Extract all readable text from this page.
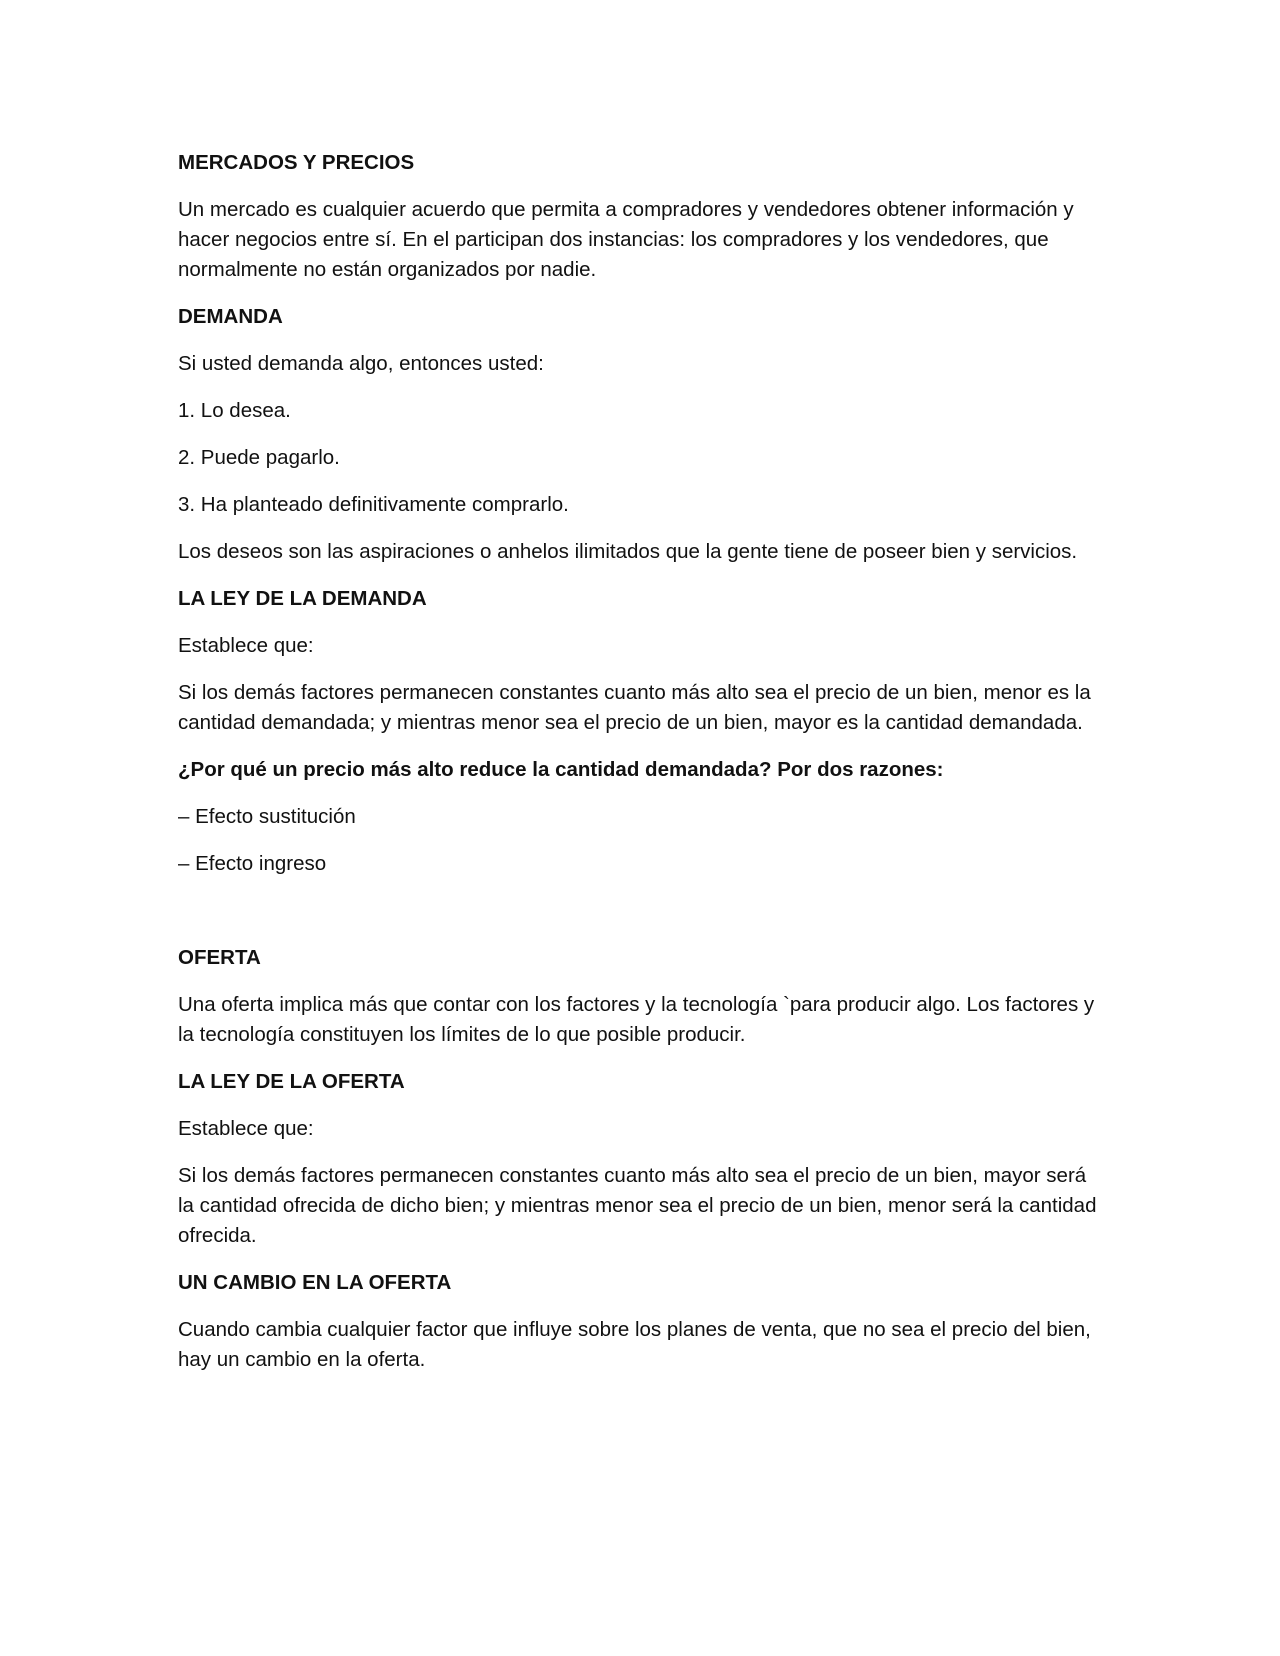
MERCADOS Y PRECIOS

Un mercado es cualquier acuerdo que permita a compradores y vendedores obtener información y hacer negocios entre sí. En el participan dos instancias: los compradores y los vendedores, que normalmente no están organizados por nadie.

DEMANDA

Si usted demanda algo, entonces usted:

1. Lo desea.

2. Puede pagarlo.

3. Ha planteado definitivamente comprarlo.

Los deseos son las aspiraciones o anhelos ilimitados que la gente tiene de poseer bien y servicios.

LA LEY DE LA DEMANDA

Establece que:

Si los demás factores permanecen constantes cuanto más alto sea el precio de un bien, menor es la cantidad demandada; y mientras menor sea el precio de un bien, mayor es la cantidad demandada.

¿Por qué un precio más alto reduce la cantidad demandada? Por dos razones:

– Efecto sustitución

– Efecto ingreso

OFERTA

Una oferta implica más que contar con los factores y la tecnología `para producir algo. Los factores y la tecnología constituyen los límites de lo que posible producir.

LA LEY DE LA OFERTA

Establece que:

Si los demás factores permanecen constantes cuanto más alto sea el precio de un bien, mayor será la cantidad ofrecida de dicho bien; y mientras menor sea el precio de un bien, menor será la cantidad ofrecida.

UN CAMBIO EN LA OFERTA

Cuando cambia cualquier factor que influye sobre los planes de venta, que no sea el precio del bien, hay un cambio en la oferta.
